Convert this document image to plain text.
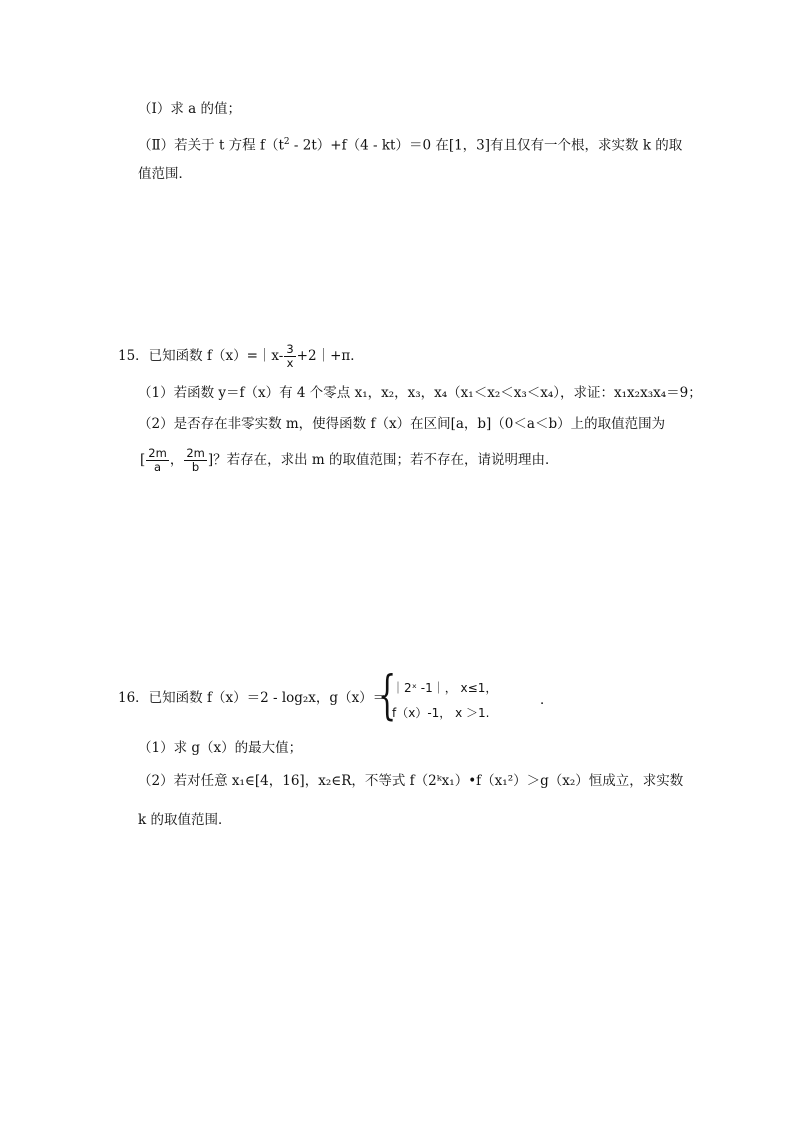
（Ⅰ）求 a 的值；
（Ⅱ）若关于 t 方程 $f(t^2 - 2t)+f(4 - kt)=0$ 在[1，3]有且仅有一个根，求实数 k 的取
值范围．
15．已知函数 f（x）=｜x- $\frac{3}{x}$ +2｜+π．
（1）若函数 y＝f（x）有 4 个零点 x₁，x₂，x₃，x₄（x₁＜x₂＜x₃＜x₄），求证：x₁x₂x₃x₄＝9；
（2）是否存在非零实数 m，使得函数 f（x）在区间[a，b]（0＜a＜b）上的取值范围为
[ $\frac{2m}{a}$ ， $\frac{2m}{b}$ ]？若存在，求出 m 的取值范围；若不存在，请说明理由．
16．已知函数 f（x）＝2 - log₂x，g（x）＝
{
｜2ˣ -1｜， x≤1，
f（x）-1， x ＞1.
．
（1）求 g（x）的最大值；
（2）若对任意 x₁∈[4，16]，x₂∈R，不等式 f（2ᵏx₁）•f（x₁²）＞g（x₂）恒成立，求实数
k 的取值范围．
